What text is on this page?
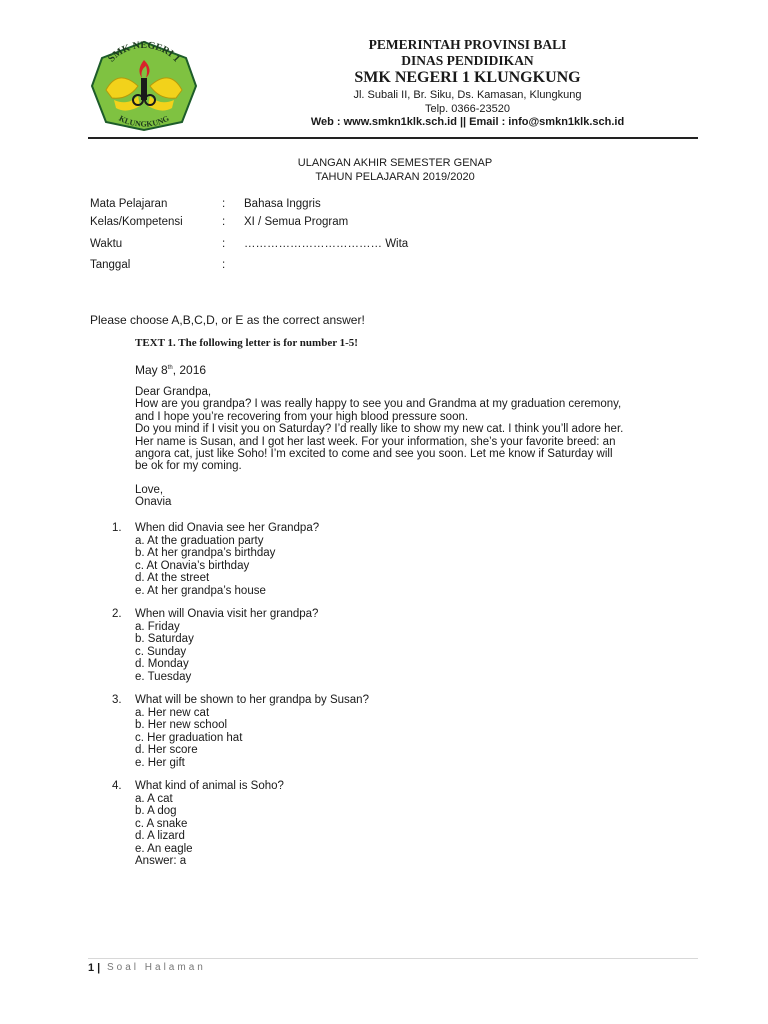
SMK NEGERI 1
KLUNGKUNG
PEMERINTAH PROVINSI BALI
DINAS PENDIDIKAN
SMK NEGERI 1 KLUNGKUNG
Jl. Subali II, Br. Siku, Ds. Kamasan, Klungkung
Telp. 0366-23520
Web : www.smkn1klk.sch.id || Email : info@smkn1klk.sch.id
ULANGAN AKHIR SEMESTER GENAP
TAHUN PELAJARAN 2019/2020
Mata Pelajaran	: Bahasa Inggris
Kelas/Kompetensi	: XI / Semua Program
Waktu	: ……………………………… Wita
Tanggal	:
Please choose A,B,C,D, or E as the correct answer!
TEXT 1. The following letter is for number 1-5!
May 8th, 2016
Dear Grandpa,
How are you grandpa? I was really happy to see you and Grandma at my graduation ceremony,
and I hope you’re recovering from your high blood pressure soon.
Do you mind if I visit you on Saturday? I’d really like to show my new cat. I think you’ll adore her.
Her name is Susan, and I got her last week. For your information, she’s your favorite breed: an
angora cat, just like Soho! I’m excited to come and see you soon. Let me know if Saturday will
be ok for my coming.
Love,
Onavia
1. When did Onavia see her Grandpa?
a. At the graduation party
b. At her grandpa’s birthday
c. At Onavia’s birthday
d. At the street
e. At her grandpa’s house
2. When will Onavia visit her grandpa?
a. Friday
b. Saturday
c. Sunday
d. Monday
e. Tuesday
3. What will be shown to her grandpa by Susan?
a. Her new cat
b. Her new school
c. Her graduation hat
d. Her score
e. Her gift
4. What kind of animal is Soho?
a. A cat
b. A dog
c. A snake
d. A lizard
e. An eagle
Answer: a
1 | Soal Halaman
